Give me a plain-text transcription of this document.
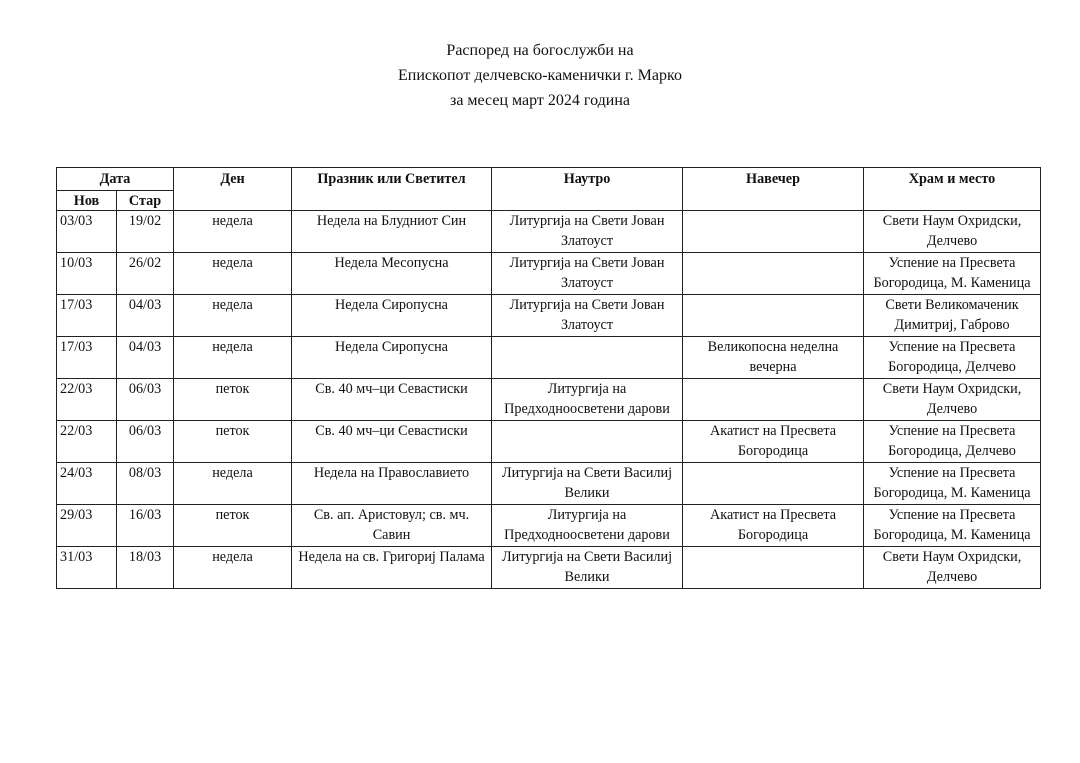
Распоред на богослужби на
Епископот делчевско-каменички г. Марко
за месец март 2024 година
Дата		Ден	Празник или Светител	Наутро	Навечер	Храм и место
Нов	Стар					
03/03	19/02	недела	Недела на Блудниот Син	Литургија на Свети Јован Златоуст		Свети Наум Охридски, Делчево
10/03	26/02	недела	Недела Месопусна	Литургија на Свети Јован Златоуст		Успение на Пресвета Богородица, М. Каменица
17/03	04/03	недела	Недела Сиропусна	Литургија на Свети Јован Златоуст		Свети Великомаченик Димитриј, Габрово
17/03	04/03	недела	Недела Сиропусна		Великопосна неделна вечерна	Успение на Пресвета Богородица, Делчево
22/03	06/03	петок	Св. 40 мч–ци Севастиски	Литургија на Предходноосветени дарови		Свети Наум Охридски, Делчево
22/03	06/03	петок	Св. 40 мч–ци Севастиски		Акатист на Пресвета Богородица	Успение на Пресвета Богородица, Делчево
24/03	08/03	недела	Недела на Православието	Литургија на Свети Василиј Велики		Успение на Пресвета Богородица, М. Каменица
29/03	16/03	петок	Св. ап. Аристовул; св. мч. Савин	Литургија на Предходноосветени дарови	Акатист на Пресвета Богородица	Успение на Пресвета Богородица, М. Каменица
31/03	18/03	недела	Недела на св. Григориј Палама	Литургија на Свети Василиј Велики		Свети Наум Охридски, Делчево
